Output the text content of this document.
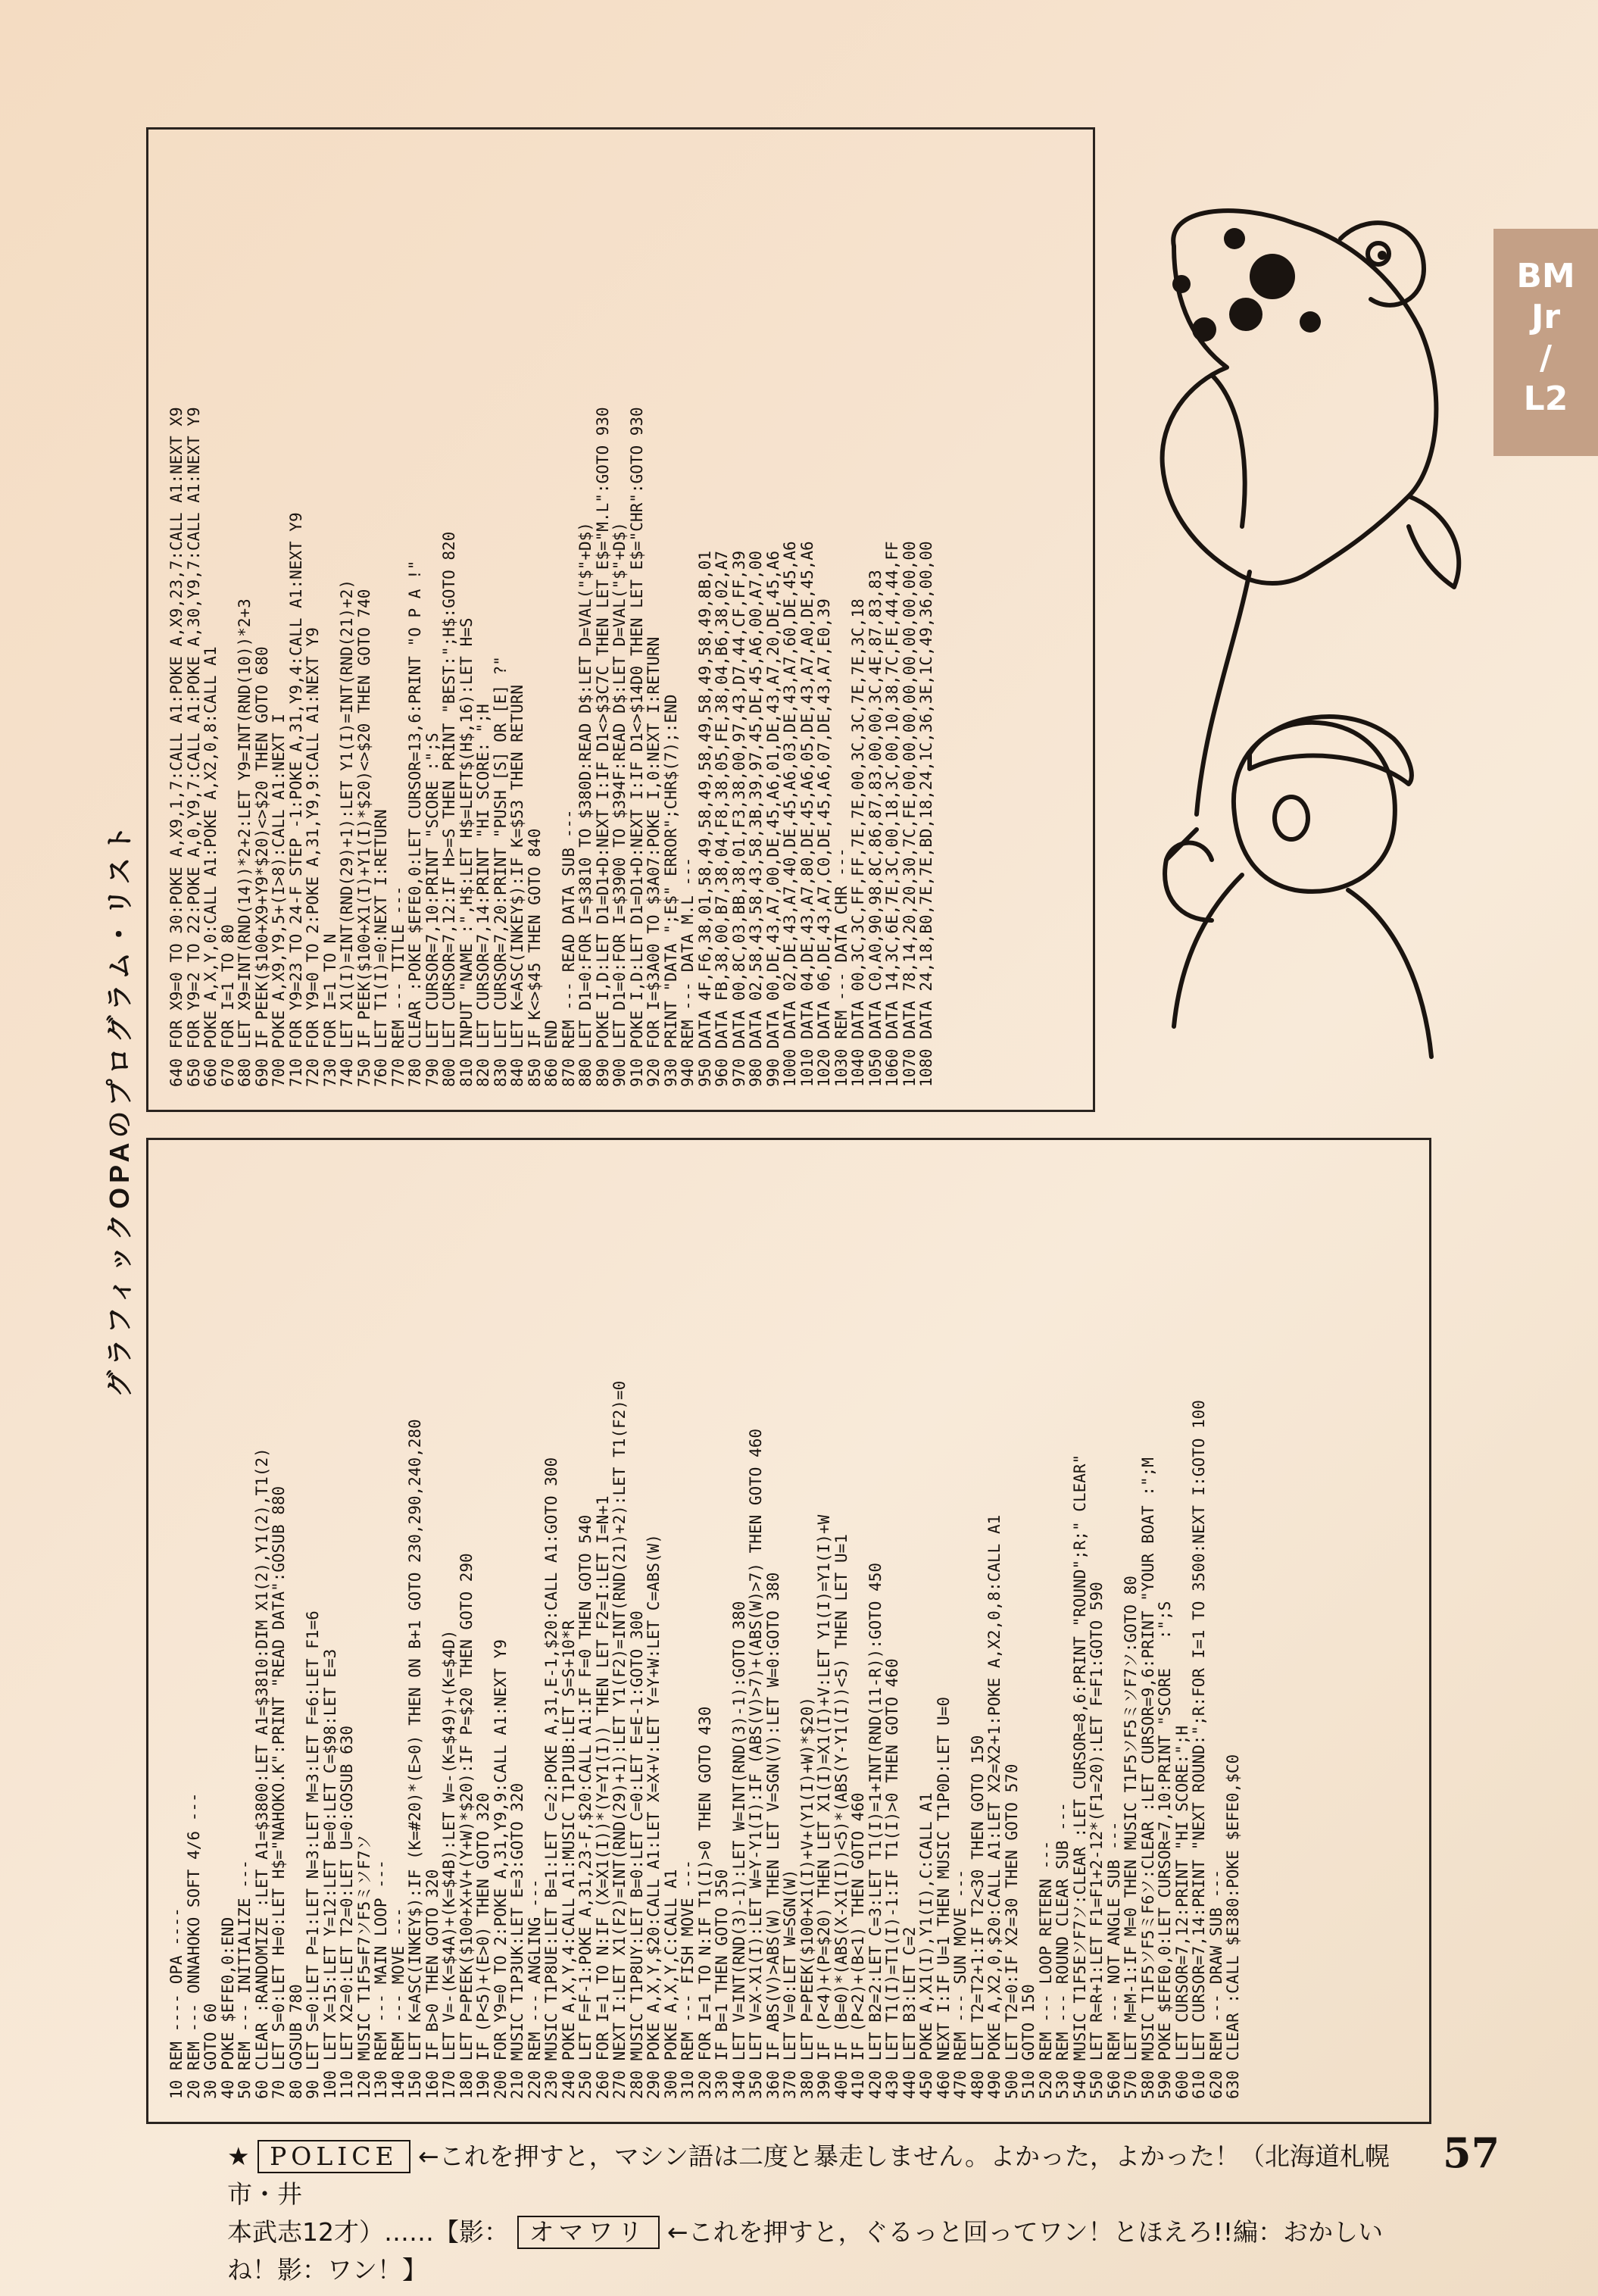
BM
Jr
/
L2
グラフィックOPAのプログラム・リスト
640 FOR X9=0 TO 30:POKE A,X9,1,7:CALL A1:POKE A,X9,23,7:CALL A1:NEXT X9
650 FOR Y9=2 TO 22:POKE A,0,Y9,7:CALL A1:POKE A,30,Y9,7:CALL A1:NEXT Y9
660 POKE A,X,Y,0:CALL A1:POKE A,X2,0,8:CALL A1
670 FOR I=1 TO 80
680 LET X9=INT(RND(14))*2+2:LET Y9=INT(RND(10))*2+3
690 IF PEEK($100+X9+Y9*$20)<>$20 THEN GOTO 680
700 POKE A,X9,Y9,5+(I>8):CALL A1:NEXT I
710 FOR Y9=23 TO 24-F STEP -1:POKE A,31,Y9,4:CALL A1:NEXT Y9
720 FOR Y9=0 TO 2:POKE A,31,Y9,9:CALL A1:NEXT Y9
730 FOR I=1 TO N
740 LET X1(I)=INT(RND(29)+1):LET Y1(I)=INT(RND(21)+2)
750 IF PEEK($100+X1(I)+Y1(I)*$20)<>$20 THEN GOTO 740
760 LET T1(I)=0:NEXT I:RETURN
770 REM --- TITLE ---
780 CLEAR :POKE $EFE0,0:LET CURSOR=13,6:PRINT "O P A !"
790 LET CURSOR=7,10:PRINT "SCORE :";S
800 LET CURSOR=7,12:IF H>=S THEN PRINT "BEST:";H$:GOTO 820
810 INPUT "NAME :",H$:LET H$=LEFT$(H$,16):LET H=S
820 LET CURSOR=7,14:PRINT "HI SCORE: ";H
830 LET CURSOR=7,20:PRINT "PUSH [S] OR [E] ?"
840 LET K=ASC(INKEY$):IF K=$53 THEN RETURN
850 IF K<>$45 THEN GOTO 840
860 END
870 REM --- READ DATA SUB ---
880 LET D1=0:FOR I=$3810 TO $380D:READ D$:LET D=VAL("$"+D$)
890 POKE I,D:LET D1=D1+D:NEXT I:IF D1<>$3C7C THEN LET E$="M.L":GOTO 930
900 LET D1=0:FOR I=$3900 TO $394F:READ D$:LET D=VAL("$"+D$)
910 POKE I,D:LET D1=D1+D:NEXT I:IF D1<>$14D0 THEN LET E$="CHR":GOTO 930
920 FOR I=$3A00 TO $3A07:POKE I,0:NEXT I:RETURN
930 PRINT "DATA ";E$" ERROR";CHR$(7);:END
940 REM --- DATA M.L ---
950 DATA 4F,F6,38,01,58,49,58,49,58,49,58,49,58,49,8B,01
960 DATA FB,38,00,B7,38,04,F8,38,05,FE,38,04,B6,38,02,A7
970 DATA 00,8C,03,BB,38,01,F3,38,00,97,43,D7,44,CF,FF,39
980 DATA 02,58,43,58,43,58,3B,39,97,45,DE,45,A6,00,A7,00
990 DATA 00,DE,43,A7,00,DE,45,A6,01,DE,43,A7,20,DE,45,A6
1000 DATA 02,DE,43,A7,40,DE,45,A6,03,DE,43,A7,60,DE,45,A6
1010 DATA 04,DE,43,A7,80,DE,45,A6,05,DE,43,A7,A0,DE,45,A6
1020 DATA 06,DE,43,A7,C0,DE,45,A6,07,DE,43,A7,E0,39
1030 REM --- DATA CHR ---
1040 DATA 00,3C,3C,FF,FF,7E,7E,00,3C,3C,7E,7E,3C,18
1050 DATA C0,A0,90,98,8C,86,87,83,00,00,3C,4E,87,83,83
1060 DATA 14,3C,6E,7E,3C,00,18,3C,00,10,38,7C,FE,44,44,FF
1070 DATA 78,14,20,20,30,7C,FE,00,00,00,00,00,00,00,00,00
1080 DATA 24,18,B0,7E,7E,BD,18,24,1C,36,3E,1C,49,36,00,00
10 REM ---- OPA ----
20 REM --- ONNAHOKO SOFT 4/6 ---
30 GOTO 60
40 POKE $EFE0,0:END
50 REM --- INITIALIZE ---
60 CLEAR :RANDOMIZE :LET A1=$3800:LET A1=$3810:DIM X1(2),Y1(2),T1(2)
70 LET S=0:LET H=0:LET H$="NAHOKO.K":PRINT "READ DATA":GOSUB 880
80 GOSUB 780
90 LET S=0:LET P=1:LET N=3:LET M=3:LET F=6:LET F1=6
100 LET X=15:LET Y=12:LET B=0:LET C=$98:LET E=3
110 LET X2=0:LET T2=0:LET U=0:GOSUB 630
120 MUSIC T1F5=F7ソF5ミソF7ソ
130 REM --- MAIN LOOP ---
140 REM --- MOVE ---
150 LET K=ASC(INKEY$):IF (K=#20)*(E>0) THEN ON B+1 GOTO 230,290,240,280
160 IF B>0 THEN GOTO 320
170 LET V=-(K=$4A)+(K=$4B):LET W=-(K=$49)+(K=$4D)
180 LET P=PEEK($100+X+V+(Y+W)*$20):IF P=$20 THEN GOTO 290
190 IF (P<5)+(E>0) THEN GOTO 320
200 FOR Y9=0 TO 2:POKE A,31,Y9,9:CALL A1:NEXT Y9
210 MUSIC T1P3UK:LET E=3:GOTO 320
220 REM --- ANGLING ---
230 MUSIC T1P8UE:LET B=1:LET C=2:POKE A,31,E-1,$20:CALL A1:GOTO 300
240 POKE A,X,Y,4:CALL A1:MUSIC T1P1UB:LET S=S+10*R
250 LET F=F-1:POKE A,31,23-F,$20:CALL A1:IF F=0 THEN GOTO 540
260 FOR I=1 TO N:IF (X=X1(I))*(Y=Y1(I)) THEN LET F2=I:LET I=N+1
270 NEXT I:LET X1(F2)=INT(RND(29)+1):LET Y1(F2)=INT(RND(21)+2):LET T1(F2)=0
280 MUSIC T1P8UY:LET B=0:LET C=0:LET E=E-1:GOTO 300
290 POKE A,X,Y,$20:CALL A1:LET X=X+V:LET Y=Y+W:LET C=ABS(W)
300 POKE A,X,Y,C:CALL A1
310 REM --- FISH MOVE ---
320 FOR I=1 TO N:IF T1(I)>0 THEN GOTO 430
330 IF B=1 THEN GOTO 350
340 LET V=INT(RND(3)-1):LET W=INT(RND(3)-1):GOTO 380
350 LET V=X-X1(I):LET W=Y-Y1(I):IF (ABS(V)>7)+(ABS(W)>7) THEN GOTO 460
360 IF ABS(V)>ABS(W) THEN LET V=SGN(V):LET W=0:GOTO 380
370 LET V=0:LET W=SGN(W)
380 LET P=PEEK($100+X1(I)+V+(Y1(I)+W)*$20)
390 IF (P<4)+(P=$20) THEN LET X1(I)=X1(I)+V:LET Y1(I)=Y1(I)+W
400 IF (B=0)*(ABS(X-X1(I))<5)*(ABS(Y-Y1(I))<5) THEN LET U=1
410 IF (P<2)+(B<1) THEN GOTO 460
420 LET B2=2:LET C=3:LET T1(I)=1+INT(RND(11-R)):GOTO 450
430 LET T1(I)=T1(I)-1:IF T1(I)>0 THEN GOTO 460
440 LET B3:LET C=2
450 POKE A,X1(I),Y1(I),C:CALL A1
460 NEXT I:IF U=1 THEN MUSIC T1P0D:LET U=0
470 REM --- SUN MOVE ---
480 LET T2=T2+1:IF T2<30 THEN GOTO 150
490 POKE A,X2,0,$20:CALL A1:LET X2=X2+1:POKE A,X2,0,8:CALL A1
500 LET T2=0:IF X2=30 THEN GOTO 570
510 GOTO 150
520 REM --- LOOP RETERN ---
530 REM --- ROUND CLEAR SUB ---
540 MUSIC T1F5EソF7ソ:CLEAR :LET CURSOR=8,6:PRINT "ROUND";R;" CLEAR"
550 LET R=R+1:LET F1=F1+2-12*(F1=20):LET F=F1:GOTO 590
560 REM --- NOT ANGLE SUB ---
570 LET M=M-1:IF M=0 THEN MUSIC T1F5ソF5ミソF7ソ:GOTO 80
580 MUSIC T1F5ソF5ミF6ソ:CLEAR :LET CURSOR=9,6:PRINT "YOUR BOAT :";M
590 POKE $EFE0,0:LET CURSOR=7,10:PRINT "SCORE   :";S
600 LET CURSOR=7,12:PRINT "HI SCORE:";H
610 LET CURSOR=7,14:PRINT "NEXT ROUND:";R:FOR I=1 TO 3500:NEXT I:GOTO 100
620 REM --- DRAW SUB ---
630 CLEAR :CALL $E380:POKE $EFE0,$C0
57
★ POLICE ←これを押すと，マシン語は二度と暴走しません。よかった，よかった！（北海道札幌市・井
本武志12才）……【影： オマワリ ←これを押すと，ぐるっと回ってワン！とほえろ!!編：おかしいね！影：ワン！】
